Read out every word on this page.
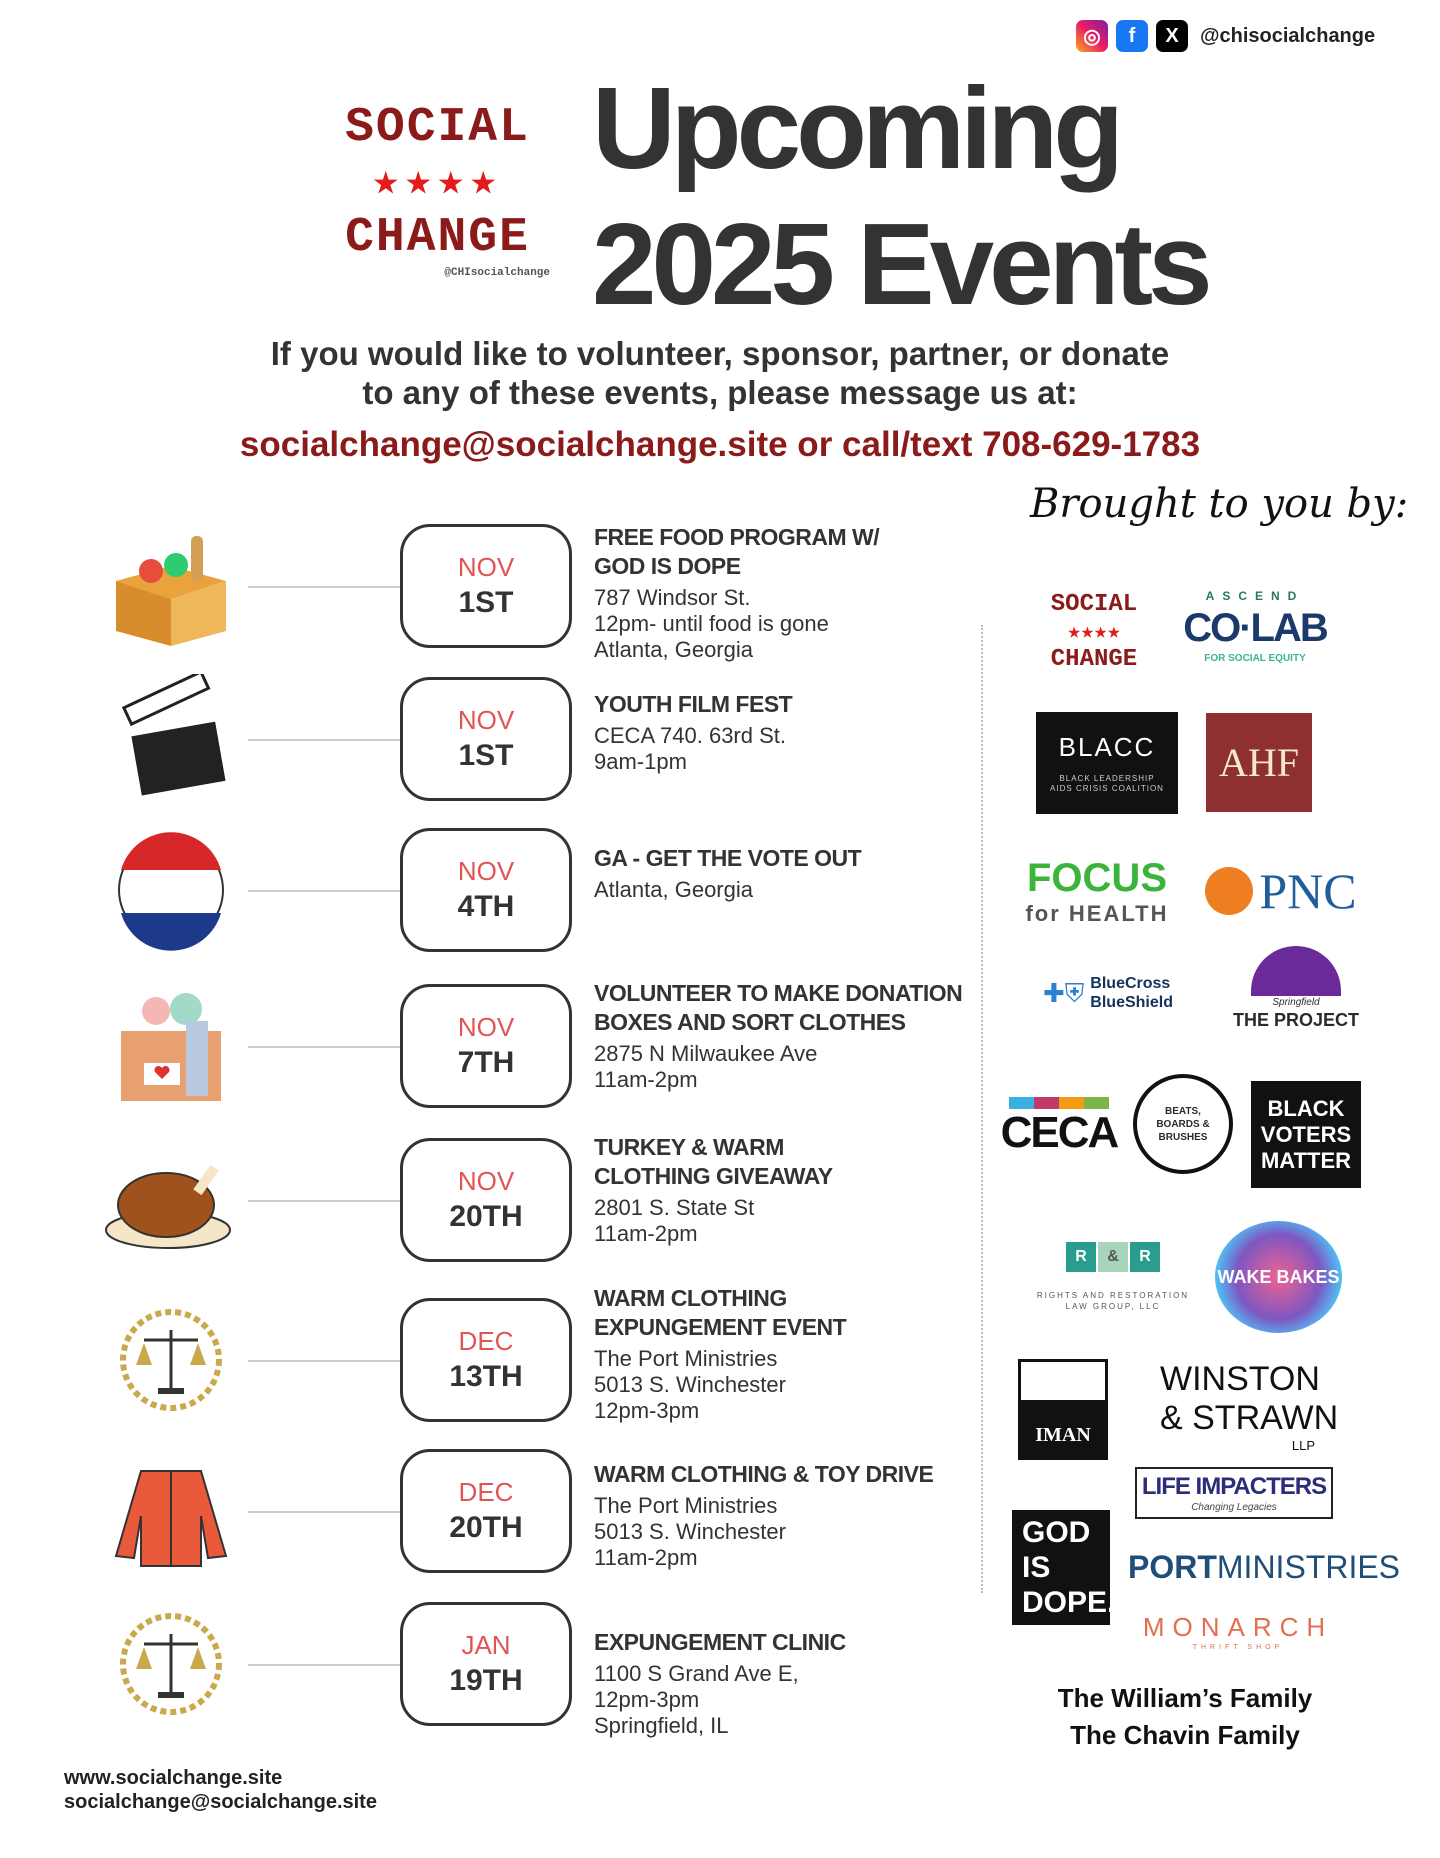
◎	f	X	@chisocialchange
SOCIAL
★★★★
CHANGE
@CHIsocialchange
Upcoming
2025 Events
If you would like to volunteer, sponsor, partner, or donate
to any of these events, please message us at:
socialchange@socialchange.site or call/text 708-629-1783
NOV
1ST
FREE FOOD PROGRAM W/
GOD IS DOPE
787 Windsor St.
12pm- until food is gone
Atlanta, Georgia
NOV
1ST
YOUTH FILM FEST
CECA 740. 63rd St.
9am-1pm
NOV
4TH
GA - GET THE VOTE OUT
Atlanta, Georgia
NOV
7TH
VOLUNTEER TO MAKE DONATION
BOXES AND SORT CLOTHES
2875 N Milwaukee Ave
11am-2pm
NOV
20TH
TURKEY & WARM
CLOTHING GIVEAWAY
2801 S. State St
11am-2pm
DEC
13TH
WARM CLOTHING
EXPUNGEMENT EVENT
The Port Ministries
5013 S. Winchester
12pm-3pm
DEC
20TH
WARM CLOTHING & TOY DRIVE
The Port Ministries
5013 S. Winchester
11am-2pm
JAN
19TH
EXPUNGEMENT CLINIC
1100 S Grand Ave E,
12pm-3pm
Springfield, IL
Brought to you by:
SOCIAL
★★★★
CHANGE
ASCEND
CO·LAB
FOR SOCIAL EQUITY
BLACC
BLACK LEADERSHIP
AIDS CRISIS COALITION
AHF
FOCUS
for HEALTH PNC
✚⛨ BlueCross
BlueShield	Springfield
THE PROJECT
CECA	BEATS, BOARDS & BRUSHES
BLACK
VOTERS
MATTER
R	&	R
RIGHTS AND RESTORATION
LAW GROUP, LLC
WAKE BAKES
IMAN
WINSTON
& STRAWN
LLP
LIFE IMPACTERS
Changing Legacies
GOD
IS
DOPE.
PORTMINISTRIES
MONARCH
THRIFT SHOP
The William’s Family
The Chavin Family
www.socialchange.site
socialchange@socialchange.site
